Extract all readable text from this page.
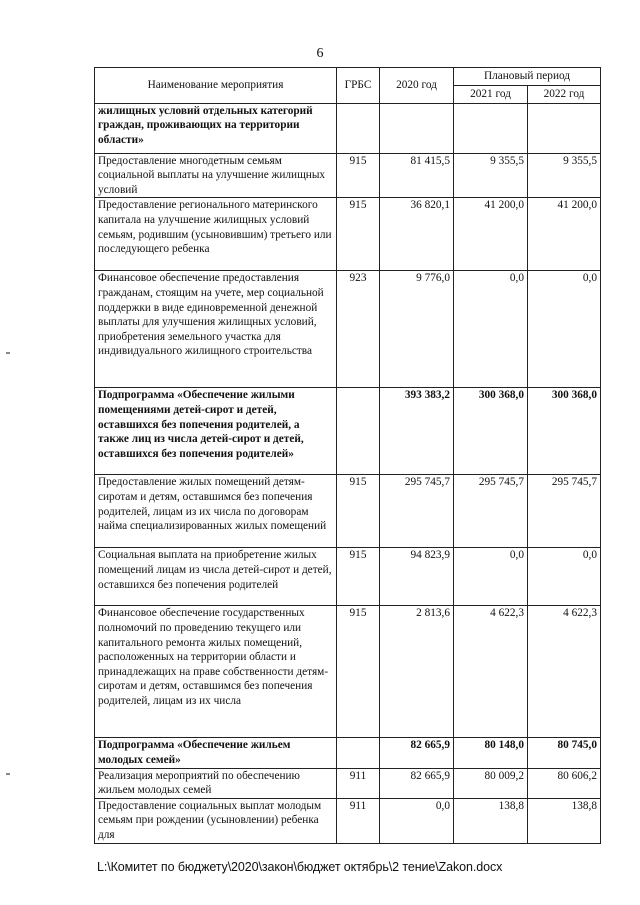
6
Наименование мероприятия	ГРБС	2020 год	Плановый период	
			2021 год	2022 год
жилищных условий отдельных категорий граждан, проживающих на территории области»				
Предоставление многодетным семьям социальной выплаты на улучшение жилищных условий	915	81 415,5	9 355,5	9 355,5
Предоставление регионального материнского капитала на улучшение жилищных условий семьям, родившим (усыновившим) третьего или последующего ребенка	915	36 820,1	41 200,0	41 200,0
Финансовое обеспечение предоставления гражданам, стоящим на учете, мер социальной поддержки в виде единовременной денежной выплаты для улучшения жилищных условий, приобретения земельного участка для индивидуального жилищного строительства	923	9 776,0	0,0	0,0
Подпрограмма «Обеспечение жилыми помещениями детей-сирот и детей, оставшихся без попечения родителей, а также лиц из числа детей-сирот и детей, оставшихся без попечения родителей»		393 383,2	300 368,0	300 368,0
Предоставление жилых помещений детям-сиротам и детям, оставшимся без попечения родителей, лицам из их числа по договорам найма специализированных жилых помещений	915	295 745,7	295 745,7	295 745,7
Социальная выплата на приобретение жилых помещений лицам из числа детей-сирот и детей, оставшихся без попечения родителей	915	94 823,9	0,0	0,0
Финансовое обеспечение государственных полномочий по проведению текущего или капитального ремонта жилых помещений, расположенных на территории области и принадлежащих на праве собственности детям-сиротам и детям, оставшимся без попечения родителей, лицам из их числа	915	2 813,6	4 622,3	4 622,3
Подпрограмма «Обеспечение жильем молодых семей»		82 665,9	80 148,0	80 745,0
Реализация мероприятий по обеспечению жильем молодых семей	911	82 665,9	80 009,2	80 606,2
Предоставление социальных выплат молодым семьям при рождении (усыновлении) ребенка для	911	0,0	138,8	138,8
L:\Комитет по бюджету\2020\закон\бюджет октябрь\2 тение\Zakon.docx
